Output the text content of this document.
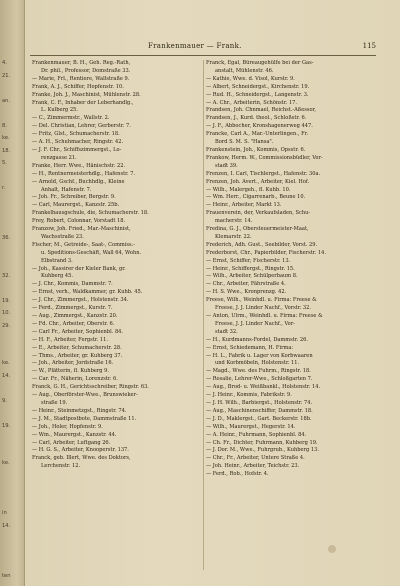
4.
21.
an.
8.
ke.
18.
5.
r.
36.
32.
19.
10.
29.
ke.
14.
9.
19.
ke.
in
14.
ten
Frankenmauer — Frank.	115
Frankenmauer, B. H., Geh. Reg.-Rath,
Dr. phil., Professor, Domstraße 33.
— Marie, Frl., Rentiere, Wallstraße 9.
Frank, A. J., Schiffer, Hopfenstr. 10.
Franke, Joh. J., Maschinist, Mühlenstr. 28.
Frank, C. F., Inhaber der Leberhandlg.,
L. Kulberg 25.
— C., Zimmermstr., Wallstr. 2.
— Del. Christian, Lehrer, Gerberstr. 7.
— Fritz, Glst., Schumacherstr. 18.
— A. H., Schuhmacher, Ringstr. 42.
— J. F. Chr., Schiffszimmergst., Lo-
renzgasse 21.
Franke, Herr. Wwe., Hänischstr. 22.
— H., Rentnermeisterhdlg., Hafenstr. 7.
— Arnold, Gschf., Buchhdlg., Kleine
Anhalt, Hafenstr. 7.
— Joh. Fr., Schreiber, Bergstr. 9.
— Carl, Maurergst., Kanzstr. 25b.
Frankelhausgschule, die, Schumacherstr. 18.
Frey, Robert, Colonnar, Vorstadt 18.
Franzow, Joh. Fried., Mar.-Maschinist,
Wachsstraße 23.
Fischer, M., Getreide-, Saat-, Commiss.-
u. Speditions-Geschäft, Wall 64, Wohn.
Elbstrand 3.
— Joh., Kassirer der Kieler Bank, gr.
Kuhberg 45.
— J. Chr., Kommis, Dammstr. 7.
— Ernst, verh., Waldkammer, gr. Kuhb. 45.
— J. Chr., Zimmergst., Holstenstr. 34.
— Ferd., Zimmergst., Kurstr. 7.
— Aug., Zimmergst., Kanzstr. 20.
— Fd. Chr., Arbeiter, Oberstr. 6.
— Carl Fr., Arbeiter, Sophienbl. 84.
— H. F., Arbeiter, Fergstr. 11.
— E., Arbeiter, Schumacherstr. 28.
— Thms., Arbeiter, gr. Kuhberg 37.
— Joh., Arbeiter, Jordstraße 16.
— W., Plätterin, fl. Kuhberg 9.
— Car. Fr., Näherin, Lorenzstr. 6.
Franck, G. H., Gerichtsschreiber, Ringstr. 63.
— Aug., Oberförster-Wwe., Brunswieker-
straße 19.
— Heinr., Steinmetzgst., Ringstr. 74.
— J. M., Stadtpostbote, Dammstraße 11.
— Joh., Holer, Hopfenstr. 9.
— Wm., Maurergst., Kanzstr. 44.
— Carl, Arbeiter, Luftgang 26.
— H. G. S., Arbeiter, Knooperstr. 137.
Franck, geb. Illert, Wwe. des Doktors,
Lerchenstr. 12.
Franck, Egal, Büreaugehülfe bei der Gas-
anstalt, Mühlenstr. 46.
— Kathie, Wwe. d. Visol, Kurstr. 9.
— Albert, Schneidergst., Kirchenstr. 19.
— Rud. H., Schneidergst., Langenstr. 3.
— A. Chr., Arbeiterin, Schönstr. 17.
Frandsen, Joh. Chnmael, Reichst.-Aßessor,
Frandsen, J., Kurd. theol., Schloßstr. 6.
— J. F., Abbocher, Kronshagenerweg 447.
Francke, Carl A., Mar.-Unterlingen., Fr.
Bord S. M. S. "Hansa".
Frankenstein, Joh., Kommis, Opsstr. 6.
Frankow, Herm. W., Commissionsbüdler, Vor-
stadt 39.
Frenzen, I. Carl, Tischlergst., Hafenstr. 30a.
Frenzen, Joh. Avert., Arbeiter, Kiel. Hof.
— Wilh., Malergeh., fl. Kuhb. 10.
— Wm. Herr., Cigarrenarb., Beune 10.
— Heinr., Arbeiter, Markt 13.
Frauenverein, der, Verkaufsladen, Schu-
macherstr. 14.
Fredina, G. J., Obersteuermeister-Maat,
Klemarstr. 22.
Frederich, Adh. Gust., Seebilder, Vorst. 29.
Frederborst, Chr., Papierbilder, Fischerstr. 14.
— Ernst, Schiffer, Fischerstr. 13.
— Heinr., Schiffergst., Ringstr. 15.
— Wilh., Arbeiter, Schülperbaum 8.
— Chr., Arbeiter, Fährstraße 4.
— H. S. Wwe., Kronprenzg. 42.
Freese, Wilh., Weinhdl. u. Firma: Freese &
Freese, J. J. Linder Nachf., Vorstr. 32.
— Anton, Ulrm., Weinhdl. u. Firma: Freese &
Freese, J. J. Linder Nachf., Vor-
stadt 32.
— H., Kurdmanns-Fordel, Dammstr. 26.
— Ernst, Schiedemann, H. Firma:
— H. L., Fabrik u. Lager von Korbwaaren
und Korbmöbeln, Holstenstr. 11.
— Magd., Wwe. des Fuhrm., Ringstr. 18.
— Rosalie, Lehrer-Wwe., Schloßgarten 7.
— Aug., Brod- u. Weißbankl., Holstenstr. 14.
— J. Heinr., Kommis, Fabrikstr. 9.
— J. H. Wilh., Barbiergst., Holstenstr. 74.
— Aug., Maschinenschiffer, Dammstr. 18.
— J. D., Maklergst., Gart. Beckerstr. 18b.
— Wilh., Maurergst., Hegerstr. 14.
— A. Heinr., Fuhrmann, Sophienbl. 84.
— Ch. Fr., Dichter, Fuhrmann, Kuhberg 19.
— J. Dor. M., Wwe., Fuhrgrub., Kuhberg 13.
— Chr., Fr., Arbeiter, Untere Straße 4.
— Joh. Heinr., Arbeiter, Teichstr. 23.
— Ferd., Rob., Hofstr. 4.
